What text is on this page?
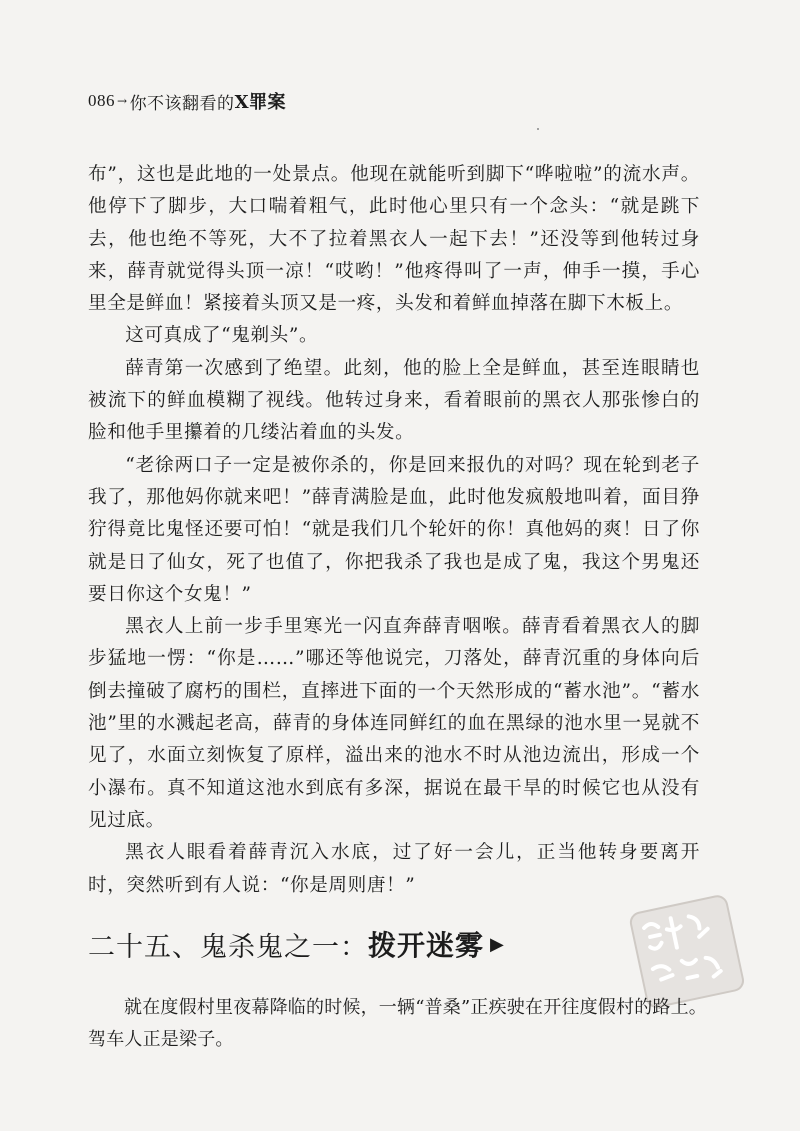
086 → 你不该翻看的 X罪案

布”，这也是此地的一处景点。他现在就能听到脚下“哗啦啦”的流水声。他停下了脚步，大口喘着粗气，此时他心里只有一个念头：“就是跳下去，他也绝不等死，大不了拉着黑衣人一起下去！”还没等到他转过身来，薛青就觉得头顶一凉！“哎哟！”他疼得叫了一声，伸手一摸，手心里全是鲜血！紧接着头顶又是一疼，头发和着鲜血掉落在脚下木板上。

这可真成了“鬼剃头”。

薛青第一次感到了绝望。此刻，他的脸上全是鲜血，甚至连眼睛也被流下的鲜血模糊了视线。他转过身来，看着眼前的黑衣人那张惨白的脸和他手里攥着的几缕沾着血的头发。

“老徐两口子一定是被你杀的，你是回来报仇的对吗？现在轮到老子我了，那他妈你就来吧！”薛青满脸是血，此时他发疯般地叫着，面目狰狞得竟比鬼怪还要可怕！“就是我们几个轮奸的你！真他妈的爽！日了你就是日了仙女，死了也值了，你把我杀了我也是成了鬼，我这个男鬼还要日你这个女鬼！”

黑衣人上前一步手里寒光一闪直奔薛青咽喉。薛青看着黑衣人的脚步猛地一愣：“你是……”哪还等他说完，刀落处，薛青沉重的身体向后倒去撞破了腐朽的围栏，直摔进下面的一个天然形成的“蓄水池”。“蓄水池”里的水溅起老高，薛青的身体连同鲜红的血在黑绿的池水里一晃就不见了，水面立刻恢复了原样，溢出来的池水不时从池边流出，形成一个小瀑布。真不知道这池水到底有多深，据说在最干旱的时候它也从没有见过底。

黑衣人眼看着薛青沉入水底，过了好一会儿，正当他转身要离开时，突然听到有人说：“你是周则唐！”

二十五、 鬼杀鬼之一： 拨开迷雾 ▶

就在度假村里夜幕降临的时候，一辆“普桑”正疾驶在开往度假村的路上。驾车人正是梁子。
